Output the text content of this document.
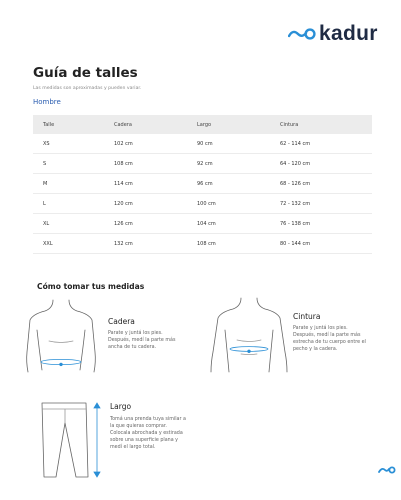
kadur
Guía de talles
Las medidas son aproximadas y pueden variar.
Hombre
Talle	Cadera	Largo	Cintura
XS	102 cm	90 cm	62 - 114 cm
S	108 cm	92 cm	64 - 120 cm
M	114 cm	96 cm	68 - 126 cm
L	120 cm	100 cm	72 - 132 cm
XL	126 cm	104 cm	76 - 138 cm
XXL	132 cm	108 cm	80 - 144 cm
Cómo tomar tus medidas
Cadera
Parate y juntá los pies.
Después, medí la parte más
ancha de tu cadera.
Cintura
Parate y juntá los pies.
Después, medí la parte más
estrecha de tu cuerpo entre el
pecho y la cadera.
Largo
Tomá una prenda tuya similar a
la que quieras comprar.
Colocala abrochada y estirada
sobre una superficie plana y
medí el largo total.
